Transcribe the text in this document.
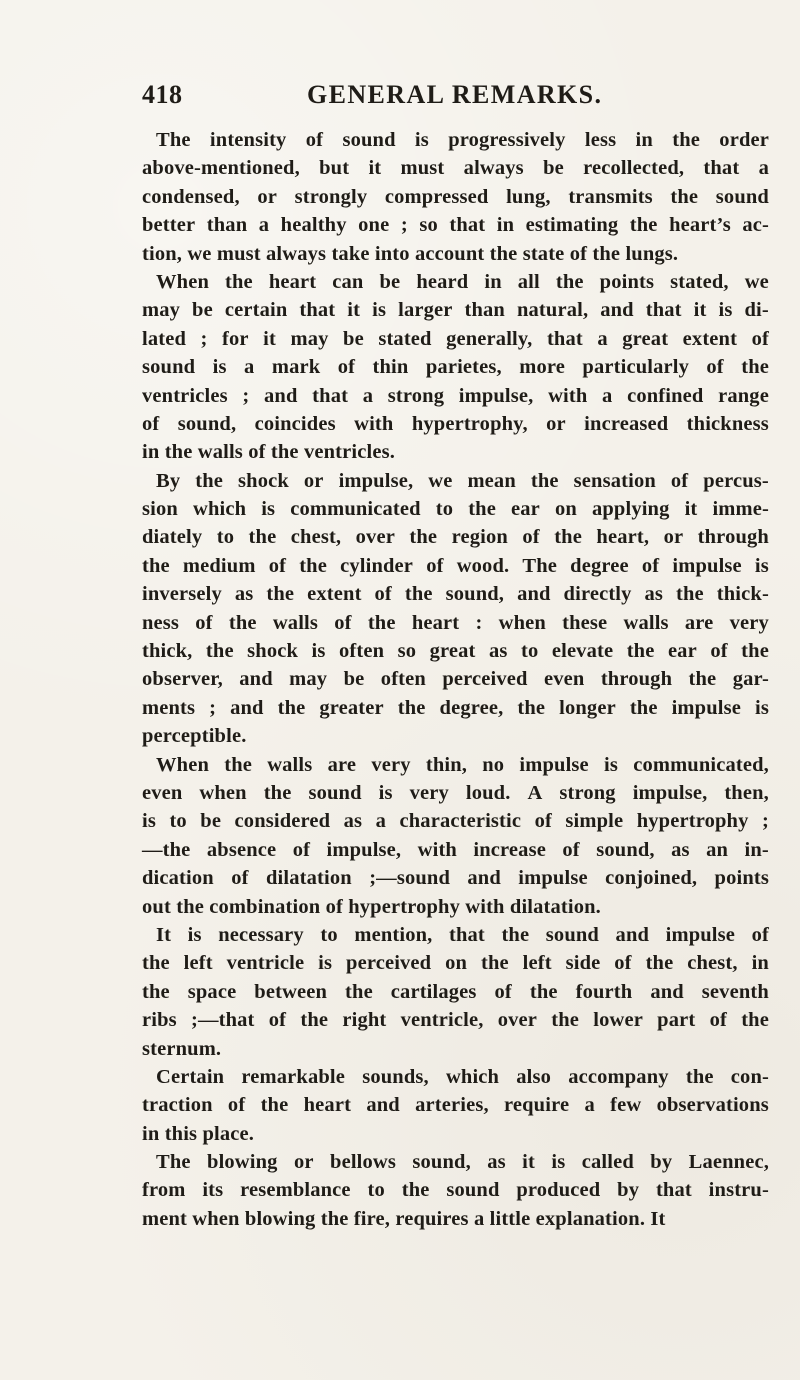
418	GENERAL REMARKS.
The intensity of sound is progressively less in the order
above-mentioned, but it must always be recollected, that a
condensed, or strongly compressed lung, transmits the sound
better than a healthy one ; so that in estimating the heart’s ac-
tion, we must always take into account the state of the lungs.
When the heart can be heard in all the points stated, we
may be certain that it is larger than natural, and that it is di-
lated ; for it may be stated generally, that a great extent of
sound is a mark of thin parietes, more particularly of the
ventricles ; and that a strong impulse, with a confined range
of sound, coincides with hypertrophy, or increased thickness
in the walls of the ventricles.
By the shock or impulse, we mean the sensation of percus-
sion which is communicated to the ear on applying it imme-
diately to the chest, over the region of the heart, or through
the medium of the cylinder of wood. The degree of impulse is
inversely as the extent of the sound, and directly as the thick-
ness of the walls of the heart : when these walls are very
thick, the shock is often so great as to elevate the ear of the
observer, and may be often perceived even through the gar-
ments ; and the greater the degree, the longer the impulse is
perceptible.
When the walls are very thin, no impulse is communicated,
even when the sound is very loud. A strong impulse, then,
is to be considered as a characteristic of simple hypertrophy ;
—the absence of impulse, with increase of sound, as an in-
dication of dilatation ;—sound and impulse conjoined, points
out the combination of hypertrophy with dilatation.
It is necessary to mention, that the sound and impulse of
the left ventricle is perceived on the left side of the chest, in
the space between the cartilages of the fourth and seventh
ribs ;—that of the right ventricle, over the lower part of the
sternum.
Certain remarkable sounds, which also accompany the con-
traction of the heart and arteries, require a few observations
in this place.
The blowing or bellows sound, as it is called by Laennec,
from its resemblance to the sound produced by that instru-
ment when blowing the fire, requires a little explanation. It
